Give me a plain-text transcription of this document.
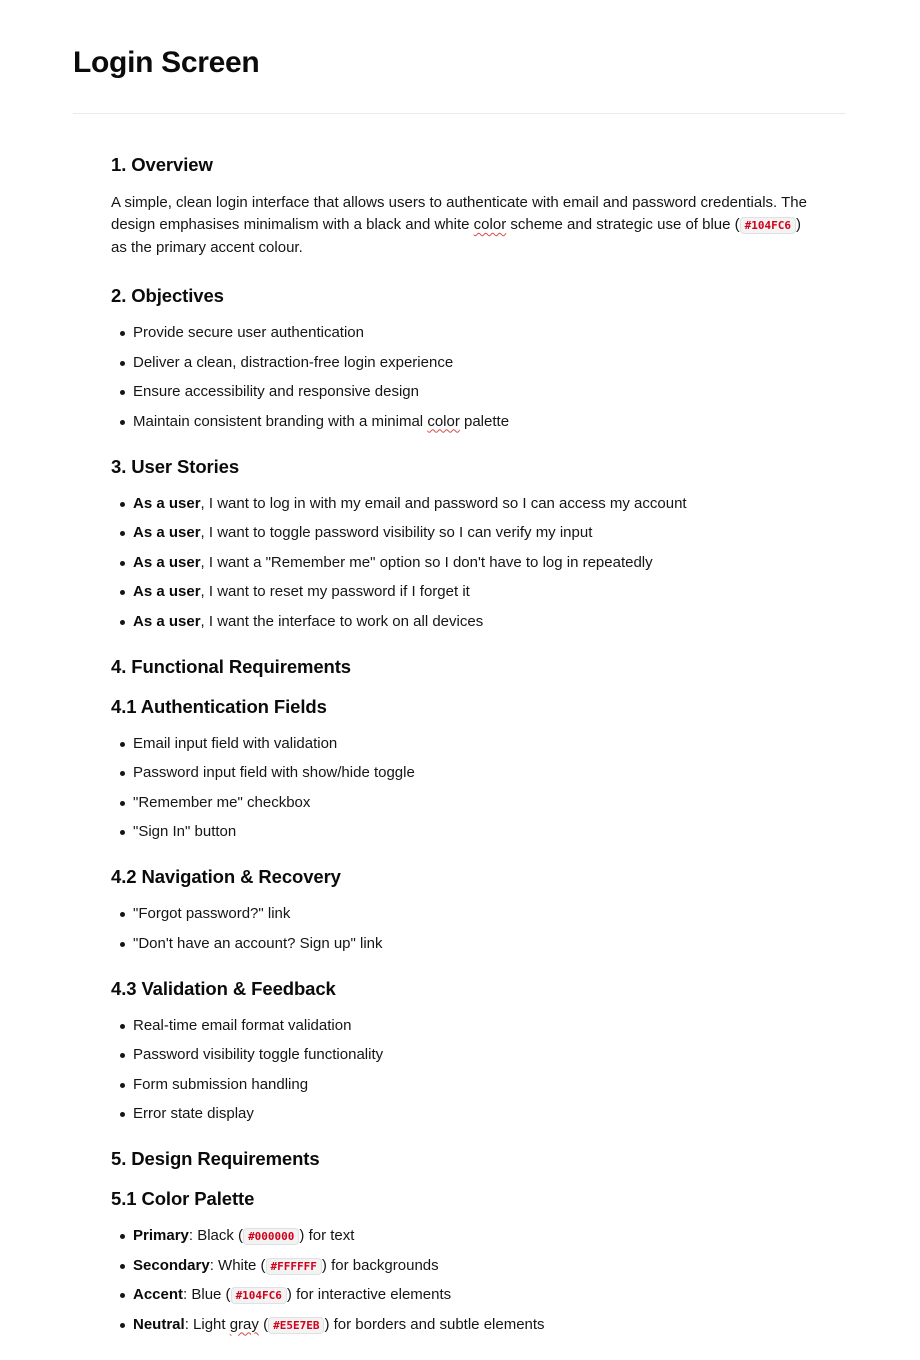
Login Screen
1. Overview

A simple, clean login interface that allows users to authenticate with email and password credentials. The design emphasises minimalism with a black and white color scheme and strategic use of blue ( #104FC6 ) as the primary accent colour.

2. Objectives
Provide secure user authentication
Deliver a clean, distraction-free login experience
Ensure accessibility and responsive design
Maintain consistent branding with a minimal color palette
3. User Stories
As a user, I want to log in with my email and password so I can access my account
As a user, I want to toggle password visibility so I can verify my input
As a user, I want a "Remember me" option so I don't have to log in repeatedly
As a user, I want to reset my password if I forget it
As a user, I want the interface to work on all devices
4. Functional Requirements
4.1 Authentication Fields
Email input field with validation
Password input field with show/hide toggle
"Remember me" checkbox
"Sign In" button
4.2 Navigation & Recovery
"Forgot password?" link
"Don't have an account? Sign up" link
4.3 Validation & Feedback
Real-time email format validation
Password visibility toggle functionality
Form submission handling
Error state display
5. Design Requirements
5.1 Color Palette
Primary: Black ( #000000 ) for text
Secondary: White ( #FFFFFF ) for backgrounds
Accent: Blue ( #104FC6 ) for interactive elements
Neutral: Light gray ( #E5E7EB ) for borders and subtle elements
